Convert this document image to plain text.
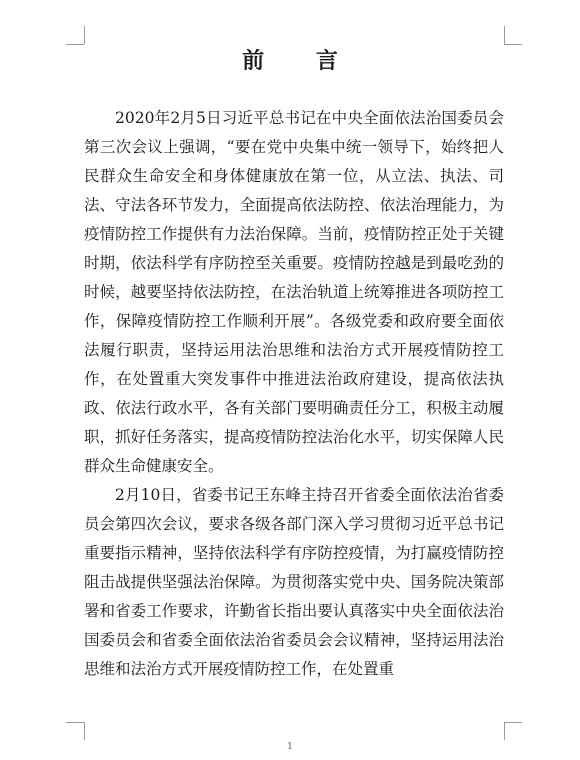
前 言

2020年2月5日习近平总书记在中央全面依法治国委员会第三次会议上强调，“要在党中央集中统一领导下，始终把人民群众生命安全和身体健康放在第一位，从立法、执法、司法、守法各环节发力，全面提高依法防控、依法治理能力，为疫情防控工作提供有力法治保障。当前，疫情防控正处于关键时期，依法科学有序防控至关重要。疫情防控越是到最吃劲的时候，越要坚持依法防控，在法治轨道上统筹推进各项防控工作，保障疫情防控工作顺利开展”。各级党委和政府要全面依法履行职责，坚持运用法治思维和法治方式开展疫情防控工作，在处置重大突发事件中推进法治政府建设，提高依法执政、依法行政水平，各有关部门要明确责任分工，积极主动履职，抓好任务落实，提高疫情防控法治化水平，切实保障人民群众生命健康安全。

2月10日，省委书记王东峰主持召开省委全面依法治省委员会第四次会议，要求各级各部门深入学习贯彻习近平总书记重要指示精神，坚持依法科学有序防控疫情，为打赢疫情防控阻击战提供坚强法治保障。为贯彻落实党中央、国务院决策部署和省委工作要求，许勤省长指出要认真落实中央全面依法治国委员会和省委全面依法治省委员会会议精神，坚持运用法治思维和法治方式开展疫情防控工作，在处置重

1
